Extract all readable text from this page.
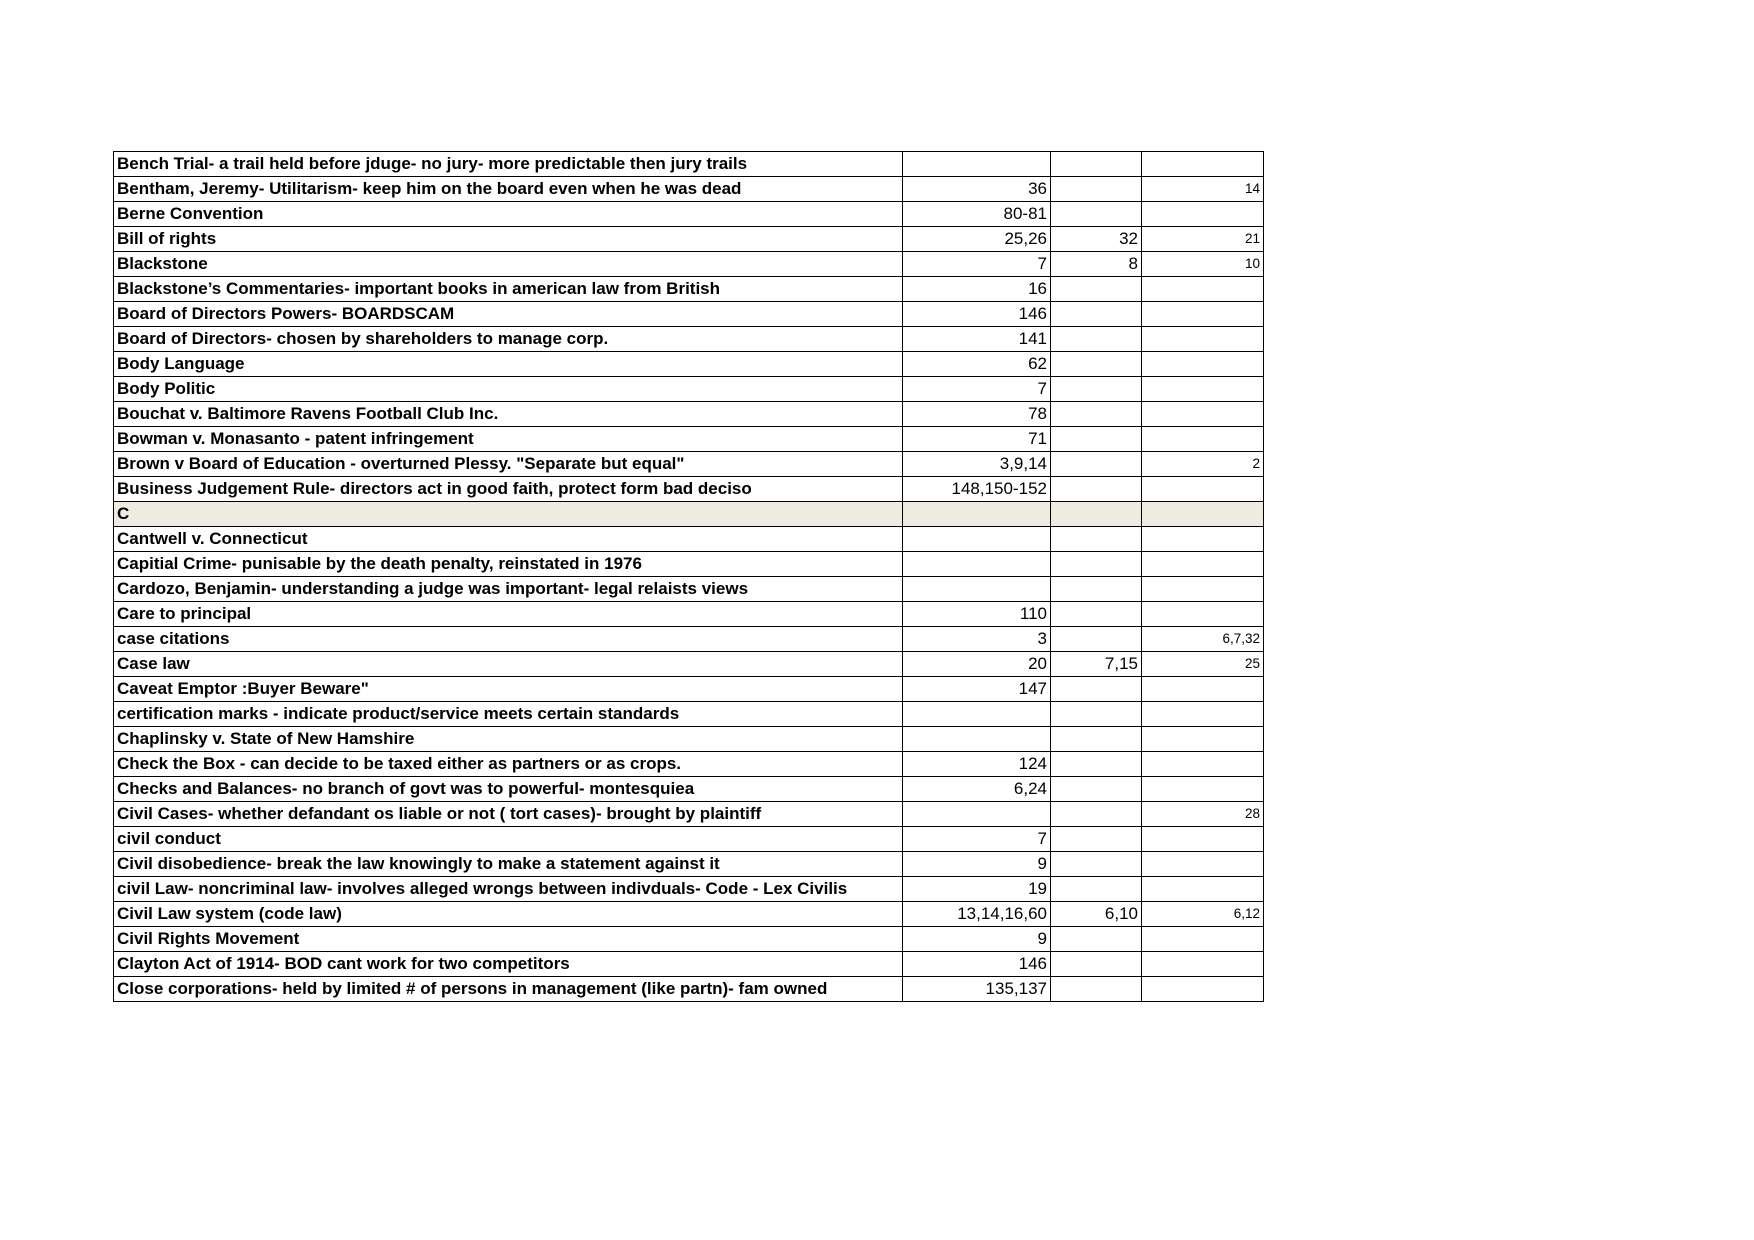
Bench Trial- a trail held before jduge- no jury- more predictable then jury trails			
Bentham, Jeremy- Utilitarism- keep him on the board even when he was dead	36		14
Berne Convention	80-81		
Bill of rights	25,26	32	21
Blackstone	7	8	10
Blackstone’s Commentaries- important books in american law from British	16		
Board of Directors Powers- BOARDSCAM	146		
Board of Directors- chosen by shareholders to manage corp.	141		
Body Language	62		
Body Politic	7		
Bouchat v. Baltimore Ravens Football Club Inc.	78		
Bowman v. Monasanto - patent infringement	71		
Brown v Board of Education - overturned Plessy. "Separate but equal"	3,9,14		2
Business Judgement Rule- directors act in good faith, protect form bad deciso	148,150-152		
C			
Cantwell v. Connecticut			
Capitial Crime- punisable by the death penalty, reinstated in 1976			
Cardozo, Benjamin- understanding a judge was important- legal relaists views			
Care to principal	110		
case citations	3		6,7,32
Case law	20	7,15	25
Caveat Emptor :Buyer Beware"	147		
certification marks - indicate product/service meets certain standards			
Chaplinsky v. State of New Hamshire			
Check the Box - can decide to be taxed either as partners or as crops.	124		
Checks and Balances- no branch of govt was to powerful- montesquiea	6,24		
Civil Cases- whether defandant os liable or not ( tort cases)- brought by plaintiff			28
civil conduct	7		
Civil disobedience- break the law knowingly to make a statement against it	9		
civil Law- noncriminal law- involves alleged wrongs between indivduals- Code - Lex Civilis	19		
Civil Law system (code law)	13,14,16,60	6,10	6,12
Civil Rights Movement	9		
Clayton Act of 1914- BOD cant work for two competitors	146		
Close corporations- held by limited # of persons in management (like partn)- fam owned	135,137		
